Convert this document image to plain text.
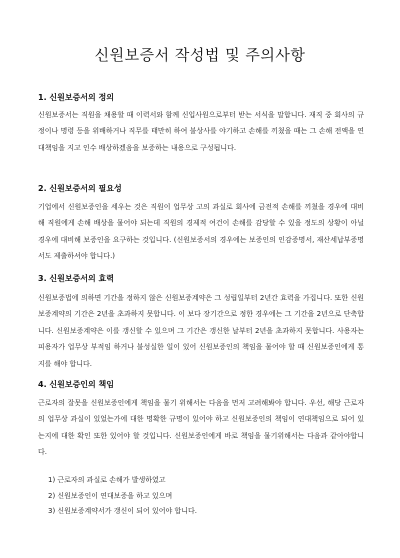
신원보증서 작성법 및 주의사항
1. 신원보증서의 정의

신원보증서는 직원을 채용할 때 이력서와 함께 신입사원으로부터 받는 서식을 말합니다. 재직 중 회사의 규정이나 명령 등을 위배하거나 직무를 태만히 하여 불상사를 야기하고 손해를 끼쳤을 때는 그 손해 전액을 연대책임을 지고 인수 배상하겠음을 보증하는 내용으로 구성됩니다.

2. 신원보증서의 필요성

기업에서 신원보증인을 세우는 것은 직원이 업무상 고의 과실로 회사에 금전적 손해를 끼쳤을 경우에 대비해 직원에게 손해 배상을 물어야 되는데 직원의 경제적 여건이 손해를 감당할 수 있을 정도의 상황이 아닐 경우에 대비해 보증인을 요구하는 것입니다. (신원보증서의 경우에는 보증인의 인감증명서, 재산세납부증명서도 제출하셔야 합니다.)

3. 신원보증서의 효력

신원보증법에 의하면 기간을 정하지 않은 신원보증계약은 그 성립일부터 2년간 효력을 가집니다. 또한 신원보증계약의 기간은 2년을 초과하지 못합니다. 이 보다 장기간으로 정한 경우에는 그 기간을 2년으로 단축합니다. 신원보증계약은 이를 갱신할 수 있으며 그 기간은 갱신한 날부터 2년을 초과하지 못합니다. 사용자는 피용자가 업무상 부적임 하거나 불성실한 일이 있어 신원보증인의 책임을 물어야 할 때 신원보증인에게 통지를 해야 합니다.

4. 신원보증인의 책임

근로자의 잘못을 신원보증인에게 책임을 물기 위해서는 다음을 먼저 고려해봐야 합니다. 우선, 해당 근로자의 업무상 과실이 있었는가에 대한 명확한 규명이 있어야 하고 신원보증인의 책임이 연대책임으로 되어 있는지에 대한 확인 또한 있어야 할 것입니다. 신원보증인에게 바로 책임을 물기위해서는 다음과 같아야합니다.

1) 근로자의 과실로 손해가 발생하였고
2) 신원보증인이 연대보증을 하고 있으며
3) 신원보증계약서가 갱신이 되어 있어야 합니다.
